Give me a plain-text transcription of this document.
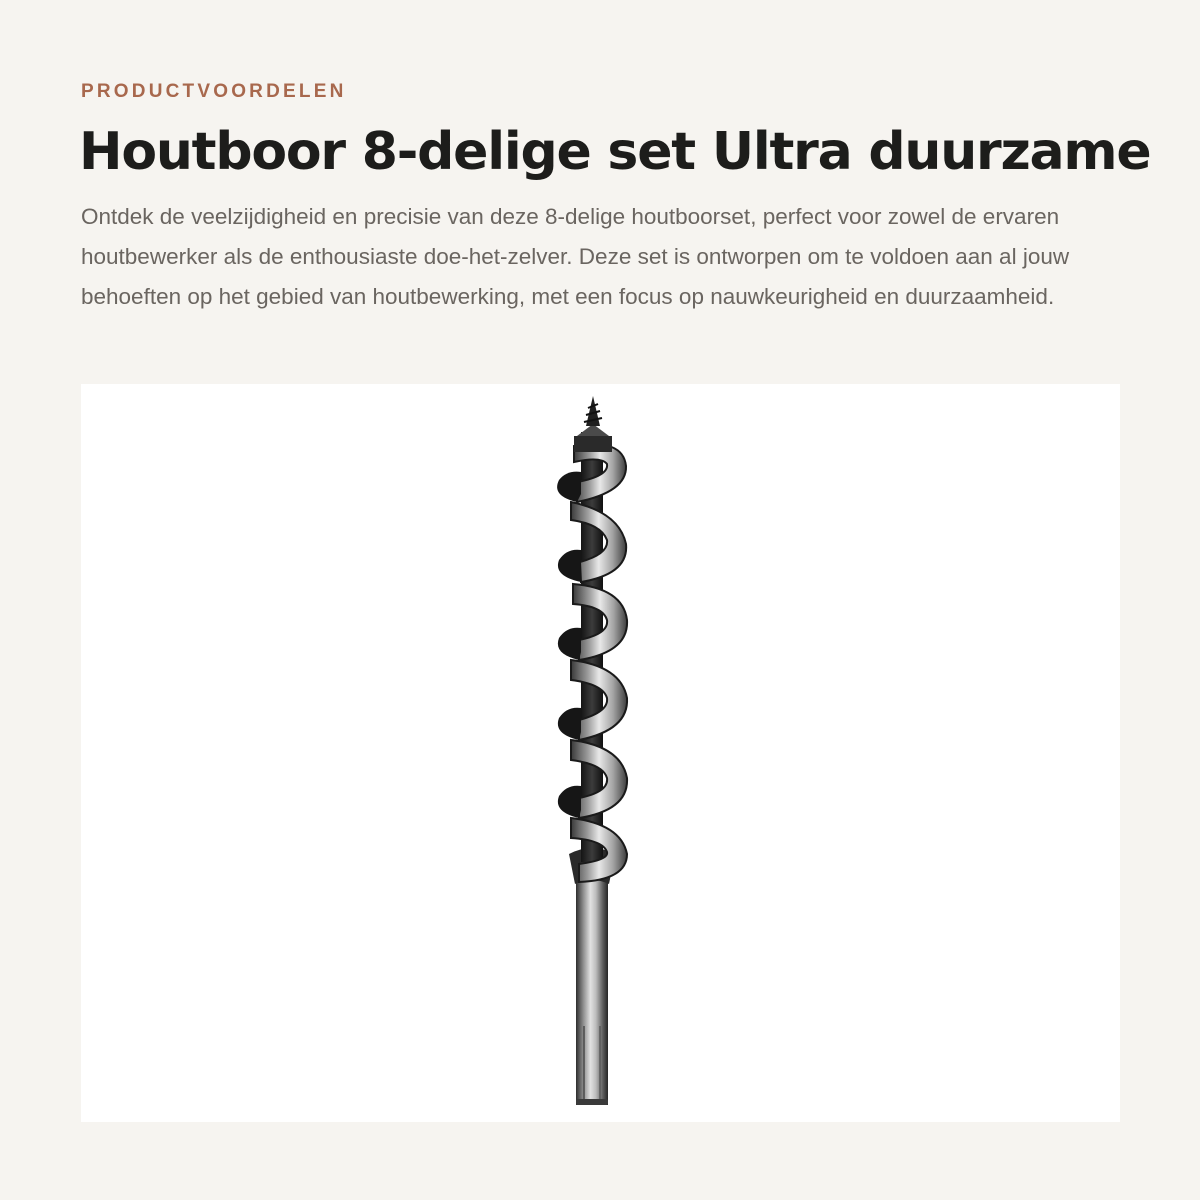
PRODUCTVOORDELEN
Houtboor 8-delige set Ultra duurzame

Ontdek de veelzijdigheid en precisie van deze 8-delige houtboorset, perfect voor zowel de ervaren houtbewerker als de enthousiaste doe-het-zelver. Deze set is ontworpen om te voldoen aan al jouw behoeften op het gebied van houtbewerking, met een focus op nauwkeurigheid en duurzaamheid.
